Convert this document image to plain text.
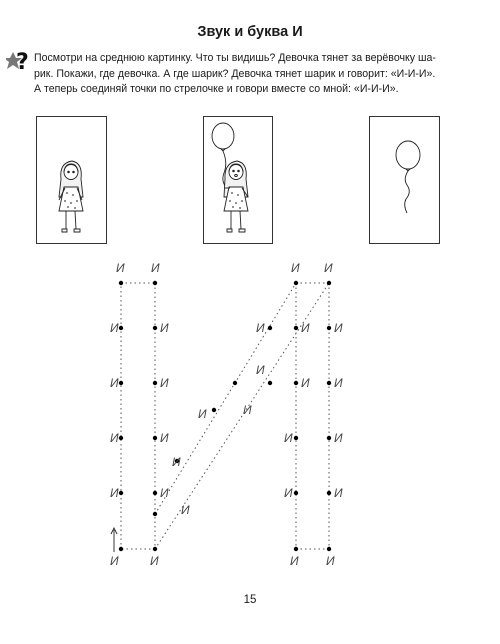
Звук и буква И
? Посмотри на среднюю картинку. Что ты видишь? Девочка тянет за верёвочку ша-
рик. Покажи, где девочка. А где шарик? Девочка тянет шарик и говорит: «И-И-И».
А теперь соединяй точки по стрелочке и говори вместе со мной: «И-И-И».
И И	И И
И	И	И	И И
И	И
И
И И
И	И
И	И
И	И
И	И
И
И	И
И	И	И И
И
15
